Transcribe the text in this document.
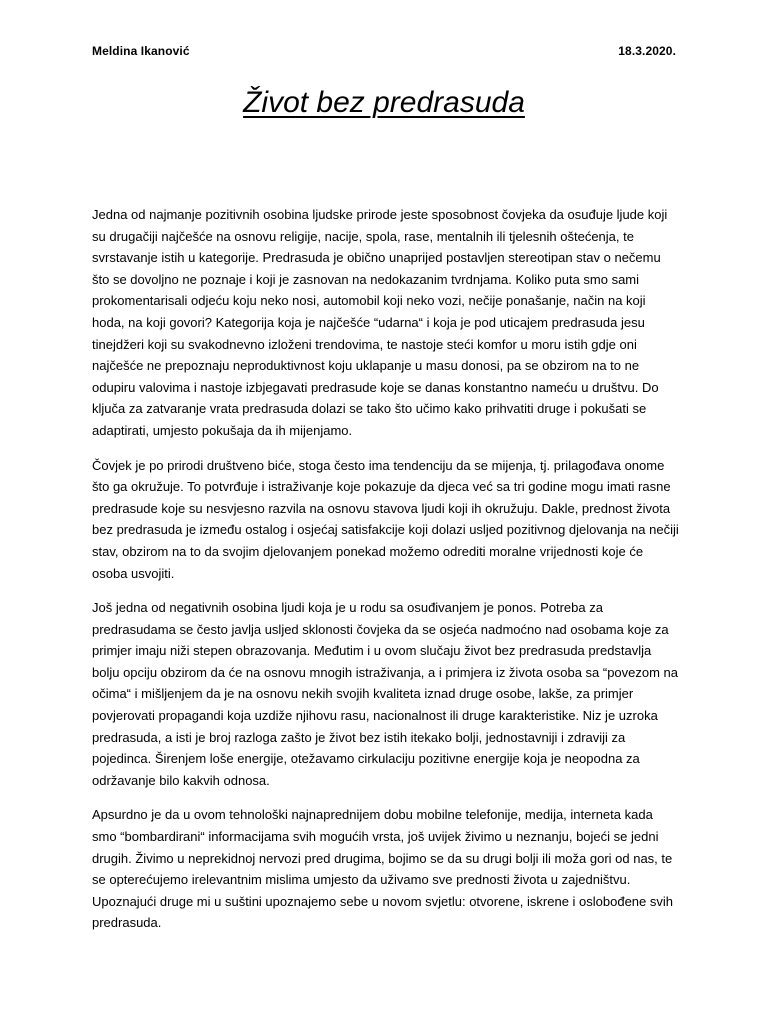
Meldina Ikanović	18.3.2020.
Život bez predrasuda

Jedna od najmanje pozitivnih osobina ljudske prirode jeste sposobnost čovjeka da osuđuje ljude koji su drugačiji najčešće na osnovu religije, nacije, spola, rase, mentalnih ili tjelesnih oštećenja, te svrstavanje istih u kategorije. Predrasuda je obično unaprijed postavljen stereotipan stav o nečemu što se dovoljno ne poznaje i koji je zasnovan na nedokazanim tvrdnjama. Koliko puta smo sami prokomentarisali odjeću koju neko nosi, automobil koji neko vozi, nečije ponašanje, način na koji hoda, na koji govori? Kategorija koja je najčešće “udarna“ i koja je pod uticajem predrasuda jesu tinejdžeri koji su svakodnevno izloženi trendovima, te nastoje steći komfor u moru istih gdje oni najčešće ne prepoznaju neproduktivnost koju uklapanje u masu donosi, pa se obzirom na to ne odupiru valovima i nastoje izbjegavati predrasude koje se danas konstantno nameću u društvu. Do ključa za zatvaranje vrata predrasuda dolazi se tako što učimo kako prihvatiti druge i pokušati se adaptirati, umjesto pokušaja da ih mijenjamo.

Čovjek je po prirodi društveno biće, stoga često ima tendenciju da se mijenja, tj. prilagođava onome što ga okružuje. To potvrđuje i istraživanje koje pokazuje da djeca već sa tri godine mogu imati rasne predrasude koje su nesvjesno razvila na osnovu stavova ljudi koji ih okružuju. Dakle, prednost života bez predrasuda je između ostalog i osjećaj satisfakcije koji dolazi usljed pozitivnog djelovanja na nečiji stav, obzirom na to da svojim djelovanjem ponekad možemo odrediti moralne vrijednosti koje će osoba usvojiti.

Još jedna od negativnih osobina ljudi koja je u rodu sa osuđivanjem je ponos. Potreba za predrasudama se često javlja usljed sklonosti čovjeka da se osjeća nadmoćno nad osobama koje za primjer imaju niži stepen obrazovanja. Međutim i u ovom slučaju život bez predrasuda predstavlja bolju opciju obzirom da će na osnovu mnogih istraživanja, a i primjera iz života osoba sa “povezom na očima“ i mišljenjem da je na osnovu nekih svojih kvaliteta iznad druge osobe, lakše, za primjer povjerovati propagandi koja uzdiže njihovu rasu, nacionalnost ili druge karakteristike. Niz je uzroka predrasuda, a isti je broj razloga zašto je život bez istih itekako bolji, jednostavniji i zdraviji za pojedinca. Širenjem loše energije, otežavamo cirkulaciju pozitivne energije koja je neopodna za održavanje bilo kakvih odnosa.

Apsurdno je da u ovom tehnološki najnaprednijem dobu mobilne telefonije, medija, interneta kada smo “bombardirani“ informacijama svih mogućih vrsta, još uvijek živimo u neznanju, bojeći se jedni drugih. Živimo u neprekidnoj nervozi pred drugima, bojimo se da su drugi bolji ili moža gori od nas, te se opterećujemo irelevantnim mislima umjesto da uživamo sve prednosti života u zajedništvu. Upoznajući druge mi u suštini upoznajemo sebe u novom svjetlu: otvorene, iskrene i oslobođene svih predrasuda.
